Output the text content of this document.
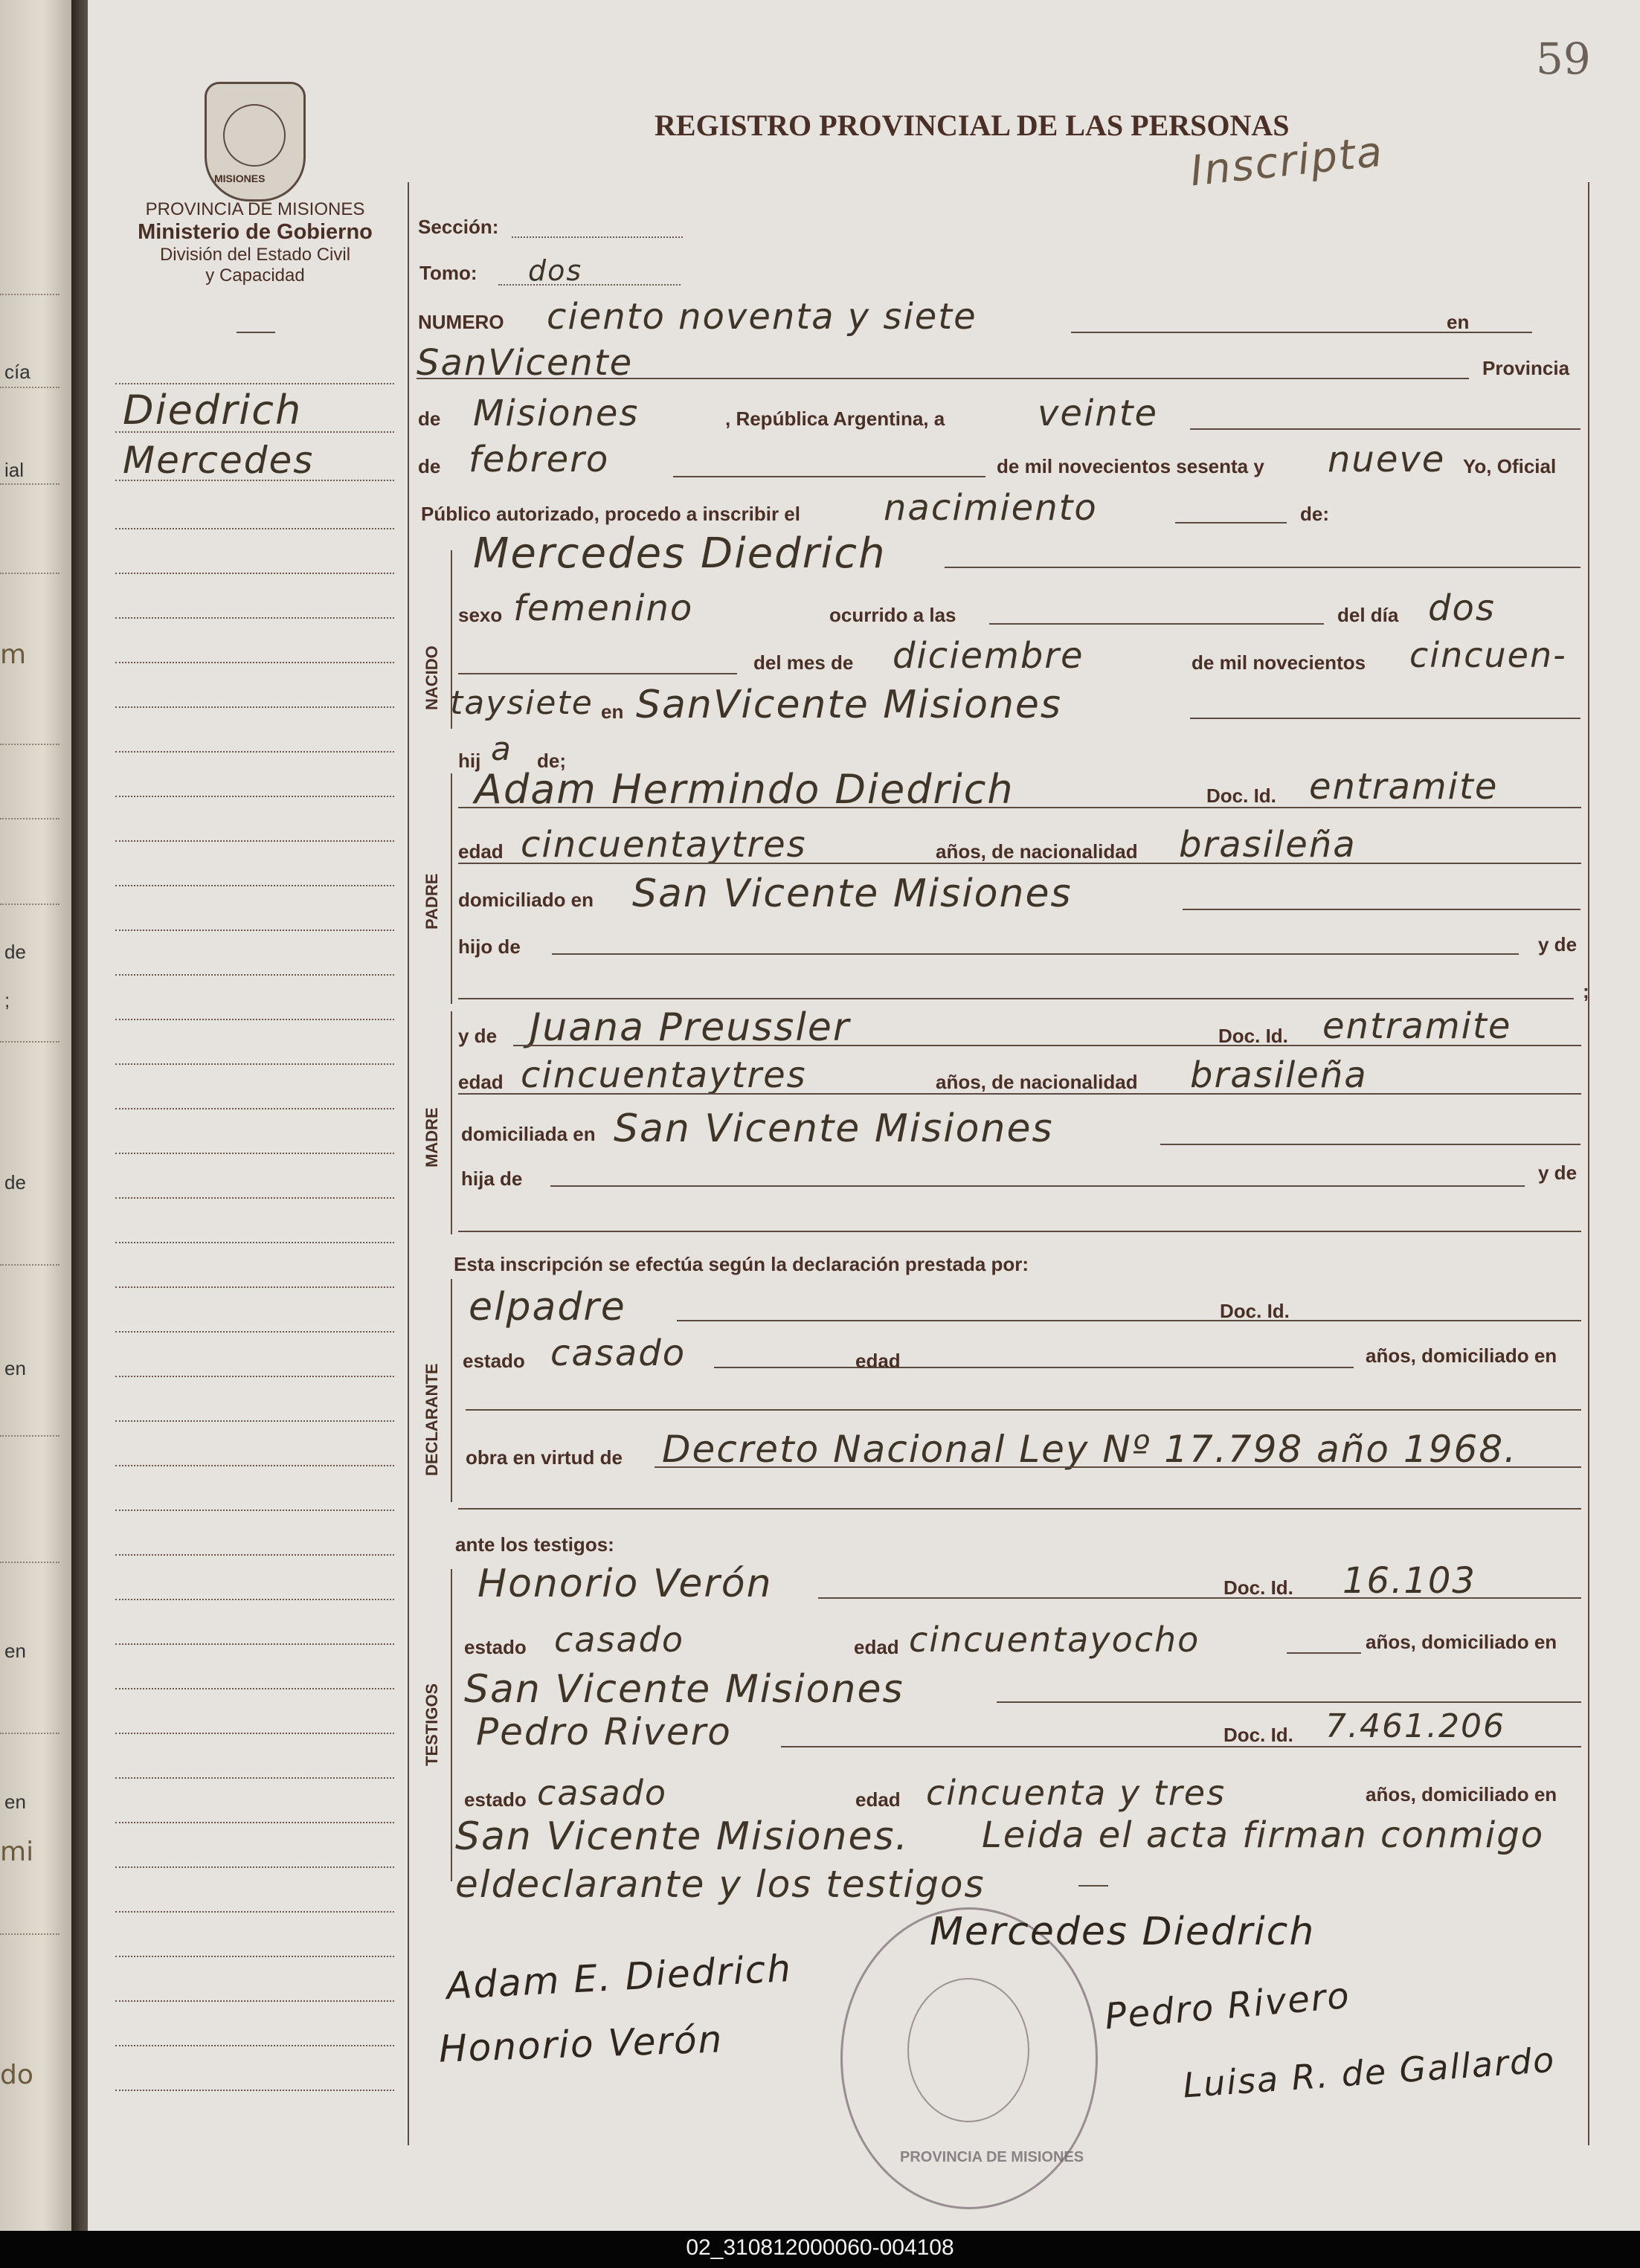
cía
ial
m
de
;
de
en
en
en
mi
do
59
MISIONES
REGISTRO PROVINCIAL DE LAS PERSONAS
Inscripta
PROVINCIA DE MISIONES
Ministerio de Gobierno
División del Estado Civil
y Capacidad
Diedrich
Mercedes
Sección:
Tomo: dos
NUMERO ciento noventa y siete	en
SanVicente	Provincia
de Misiones	, República Argentina, a	veinte
de febrero	de mil novecientos sesenta y nueve Yo, Oficial
Público autorizado, procedo a inscribir el nacimiento	de:
NACIDO
Mercedes Diedrich
sexo femenino	ocurrido a las	del día dos
del mes de diciembre	de mil novecientos cincuen-
taysiete en SanVicente Misiones
hij a de;
PADRE
Adam Hermindo Diedrich	Doc. Id. entramite
edad cincuentaytres	años, de nacionalidad brasileña
domiciliado en San Vicente Misiones
hijo de	y de
;
MADRE
y de Juana Preussler	Doc. Id. entramite
edad cincuentaytres	años, de nacionalidad brasileña
domiciliada en San Vicente Misiones
hija de	y de
Esta inscripción se efectúa según la declaración prestada por:
DECLARANTE
elpadre	Doc. Id.
estado casado	edad	años, domiciliado en
obra en virtud de Decreto Nacional Ley Nº 17.798 año 1968.
ante los testigos:
TESTIGOS
Honorio Verón	Doc. Id. 16.103
estado casado	edad cincuentayocho	años, domiciliado en
San Vicente Misiones
Pedro Rivero	Doc. Id. 7.461.206
estado casado	edad cincuenta y tres	años, domiciliado en
San Vicente Misiones. Leida el acta firman conmigo
eldeclarante y los testigos
PROVINCIA DE MISIONES
Mercedes Diedrich
Adam E. Diedrich	Pedro Rivero
Honorio Verón	Luisa R. de Gallardo
02_310812000060-004108
